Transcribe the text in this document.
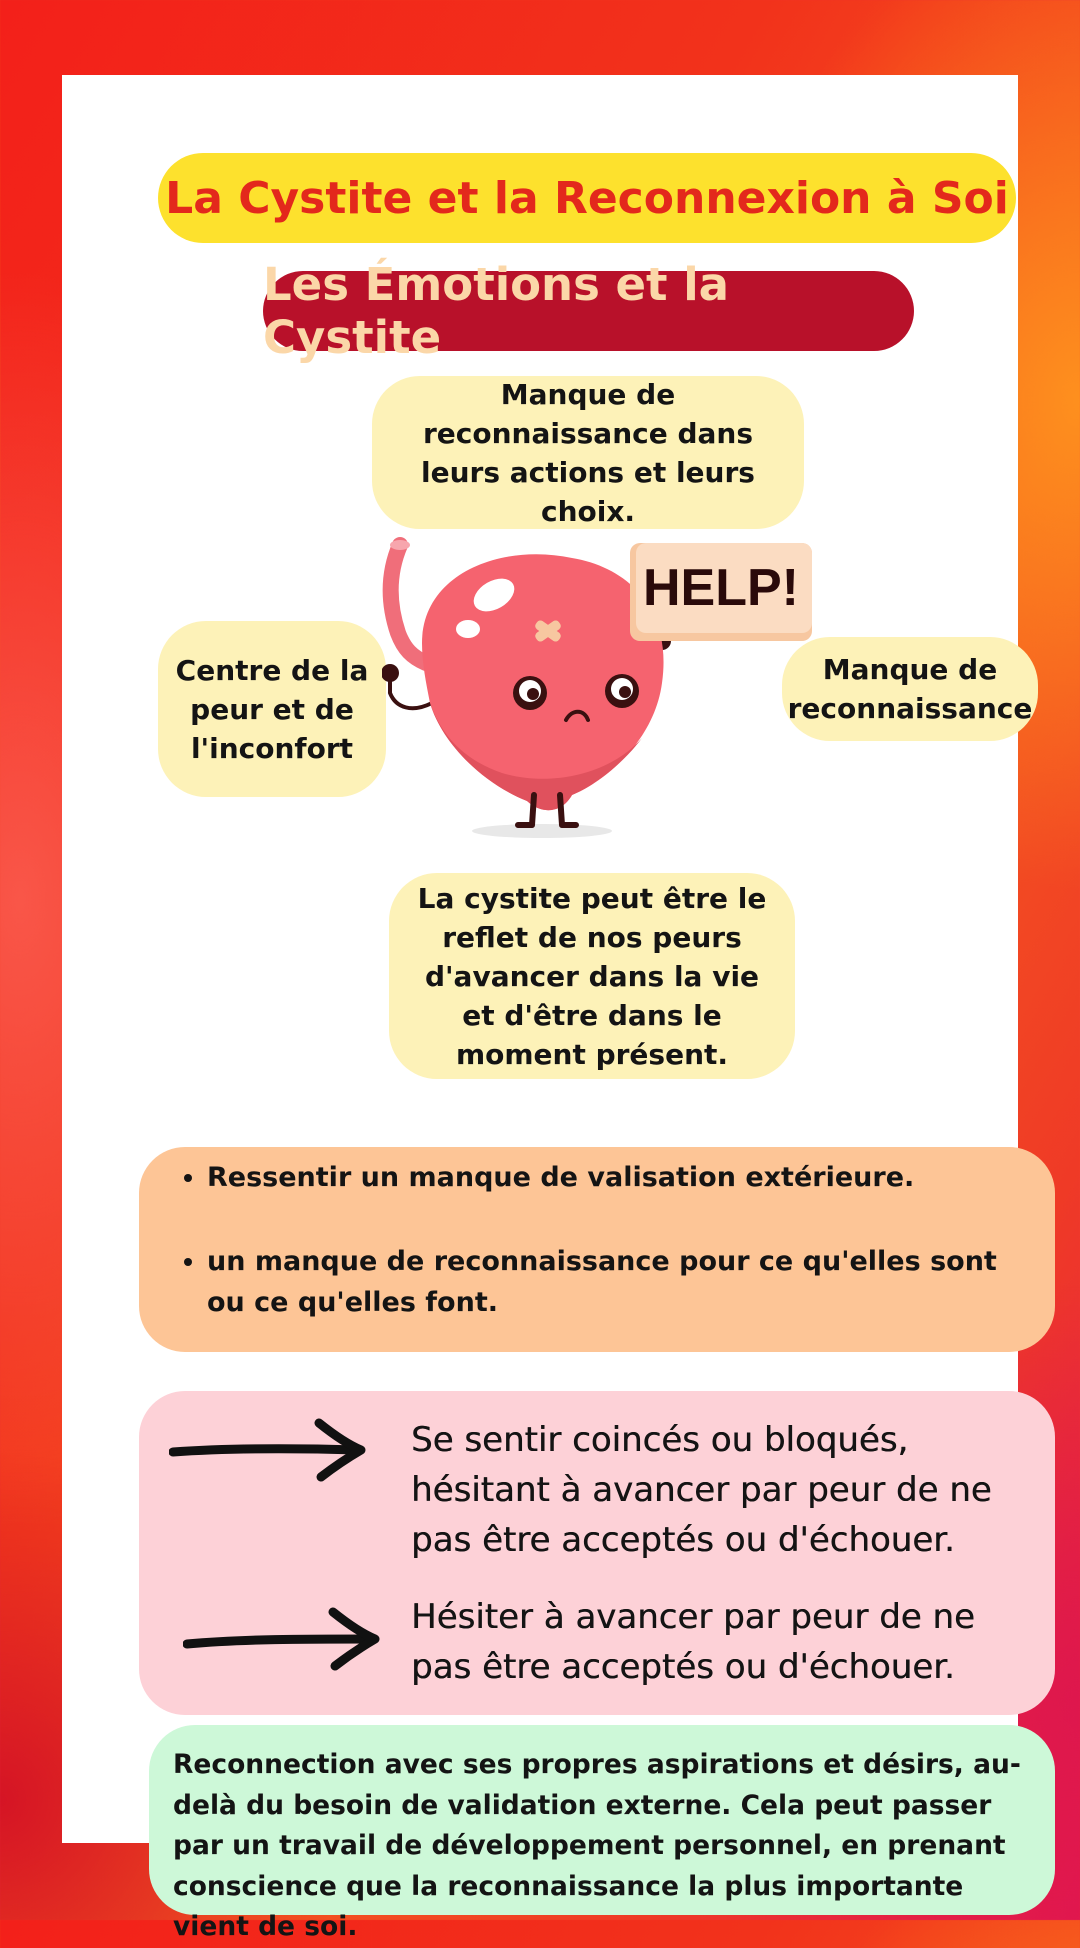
La Cystite et la Reconnexion à Soi
Les Émotions et la Cystite
Manque de reconnaissance dans leurs actions et leurs choix.
Centre de la peur et de l'inconfort
Manque de reconnaissance
HELP!
La cystite peut être le reflet de nos peurs d'avancer dans la vie et d'être dans le moment présent.
• Ressentir un manque de valisation extérieure.
• un manque de reconnaissance pour ce qu'elles sont ou ce qu'elles font.
Se sentir coincés ou bloqués, hésitant à avancer par peur de ne pas être acceptés ou d'échouer.
Hésiter à avancer par peur de ne pas être acceptés ou d'échouer.
Reconnection avec ses propres aspirations et désirs, au-delà du besoin de validation externe. Cela peut passer par un travail de développement personnel, en prenant conscience que la reconnaissance la plus importante vient de soi.
